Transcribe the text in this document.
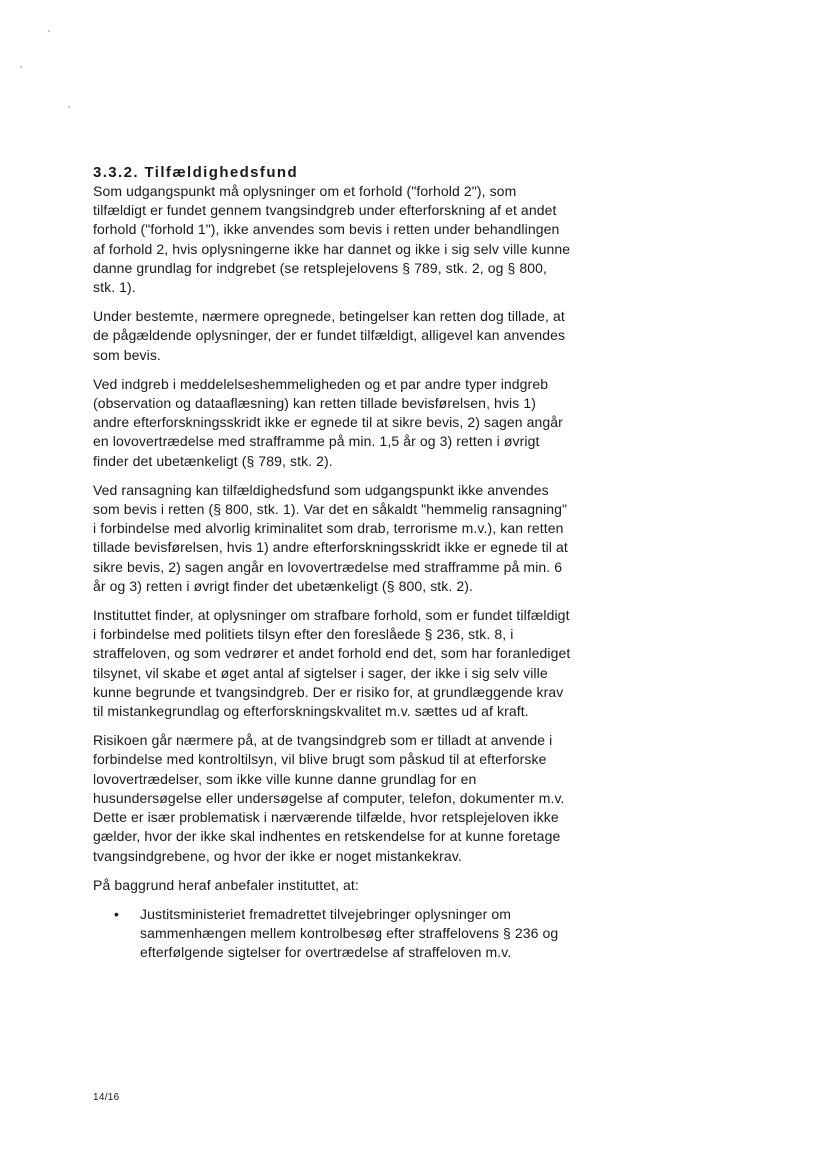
3.3.2. Tilfældighedsfund

Som udgangspunkt må oplysninger om et forhold ("forhold 2"), som tilfældigt er fundet gennem tvangsindgreb under efterforskning af et andet forhold ("forhold 1"), ikke anvendes som bevis i retten under behandlingen af forhold 2, hvis oplysningerne ikke har dannet og ikke i sig selv ville kunne danne grundlag for indgrebet (se retsplejelovens § 789, stk. 2, og § 800, stk. 1).

Under bestemte, nærmere opregnede, betingelser kan retten dog tillade, at de pågældende oplysninger, der er fundet tilfældigt, alligevel kan anvendes som bevis.

Ved indgreb i meddelelseshemmeligheden og et par andre typer indgreb (observation og dataaflæsning) kan retten tillade bevisførelsen, hvis 1) andre efterforskningsskridt ikke er egnede til at sikre bevis, 2) sagen angår en lovovertrædelse med strafframme på min. 1,5 år og 3) retten i øvrigt finder det ubetænkeligt (§ 789, stk. 2).

Ved ransagning kan tilfældighedsfund som udgangspunkt ikke anvendes som bevis i retten (§ 800, stk. 1). Var det en såkaldt "hemmelig ransagning" i forbindelse med alvorlig kriminalitet som drab, terrorisme m.v.), kan retten tillade bevisførelsen, hvis 1) andre efterforskningsskridt ikke er egnede til at sikre bevis, 2) sagen angår en lovovertrædelse med strafframme på min. 6 år og 3) retten i øvrigt finder det ubetænkeligt (§ 800, stk. 2).

Instituttet finder, at oplysninger om strafbare forhold, som er fundet tilfældigt i forbindelse med politiets tilsyn efter den foreslåede § 236, stk. 8, i straffeloven, og som vedrører et andet forhold end det, som har foranlediget tilsynet, vil skabe et øget antal af sigtelser i sager, der ikke i sig selv ville kunne begrunde et tvangsindgreb. Der er risiko for, at grundlæggende krav til mistankegrundlag og efterforskningskvalitet m.v. sættes ud af kraft.

Risikoen går nærmere på, at de tvangsindgreb som er tilladt at anvende i forbindelse med kontroltilsyn, vil blive brugt som påskud til at efterforske lovovertrædelser, som ikke ville kunne danne grundlag for en husundersøgelse eller undersøgelse af computer, telefon, dokumenter m.v. Dette er især problematisk i nærværende tilfælde, hvor retsplejeloven ikke gælder, hvor der ikke skal indhentes en retskendelse for at kunne foretage tvangsindgrebene, og hvor der ikke er noget mistankekrav.

På baggrund heraf anbefaler instituttet, at:

• Justitsministeriet fremadrettet tilvejebringer oplysninger om sammenhængen mellem kontrolbesøg efter straffelovens § 236 og efterfølgende sigtelser for overtrædelse af straffeloven m.v.
14/16
